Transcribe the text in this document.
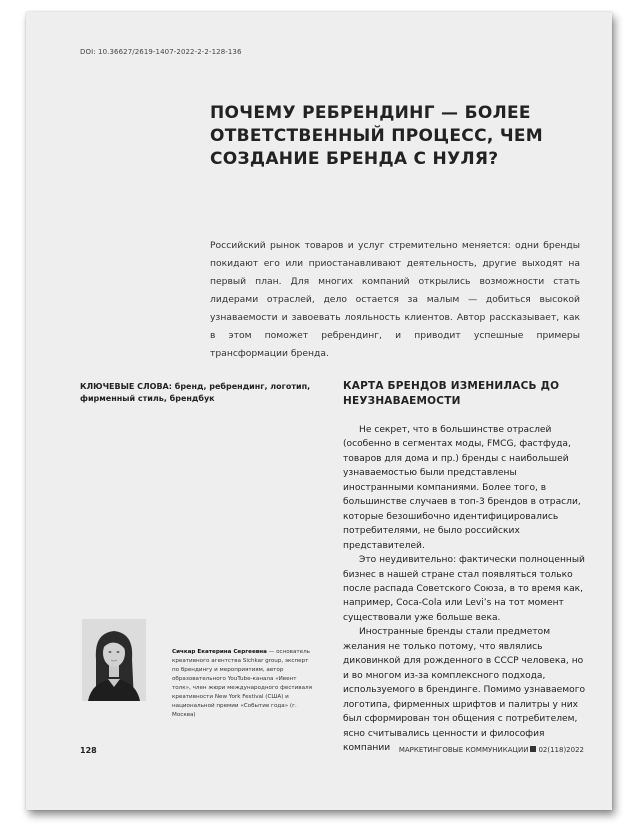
DOI: 10.36627/2619-1407-2022-2-2-128-136
ПОЧЕМУ РЕБРЕНДИНГ — БОЛЕЕ ОТВЕТСТВЕННЫЙ ПРОЦЕСС, ЧЕМ СОЗДАНИЕ БРЕНДА С НУЛЯ?

Российский рынок товаров и услуг стремительно меняется: одни бренды покидают его или приостанавливают деятельность, другие выходят на первый план. Для многих компаний открылись возможности стать лидерами отраслей, дело остается за малым — добиться высокой узнаваемости и завоевать лояльность клиентов. Автор рассказывает, как в этом поможет ребрендинг, и приводит успешные примеры трансформации бренда.

КЛЮЧЕВЫЕ СЛОВА: бренд, ребрендинг, логотип, фирменный стиль, брендбук
КАРТА БРЕНДОВ ИЗМЕНИЛАСЬ ДО НЕУЗНАВАЕМОСТИ

Не секрет, что в большинстве отраслей (особенно в сегментах моды, FMCG, фастфуда, товаров для дома и пр.) бренды с наибольшей узнаваемостью были представлены иностранными компаниями. Более того, в большинстве случаев в топ-3 брендов в отрасли, которые безошибочно идентифицировались потребителями, не было российских представителей.

Это неудивительно: фактически полноценный бизнес в нашей стране стал появляться только после распада Советского Союза, в то время как, например, Coca-Cola или Levi’s на тот момент существовали уже больше века.

Иностранные бренды стали предметом желания не только потому, что являлись диковинкой для рожденного в СССР человека, но и во многом из-за комплексного подхода, используемого в брендинге. Помимо узнаваемого логотипа, фирменных шрифтов и палитры у них был сформирован тон общения с потребителем, ясно считывались ценности и философия компании

Сичкар Екатерина Сергеевна — основатель креативного агентства Sichkar group, эксперт по брендингу и мероприятиям, автор образовательного YouTube-канала «Ивент толк», член жюри международного фестиваля креативности New York Festival (США) и национальной премии «Событие года» (г. Москва)
128	МАРКЕТИНГОВЫЕ КОММУНИКАЦИИ 02(118)2022
